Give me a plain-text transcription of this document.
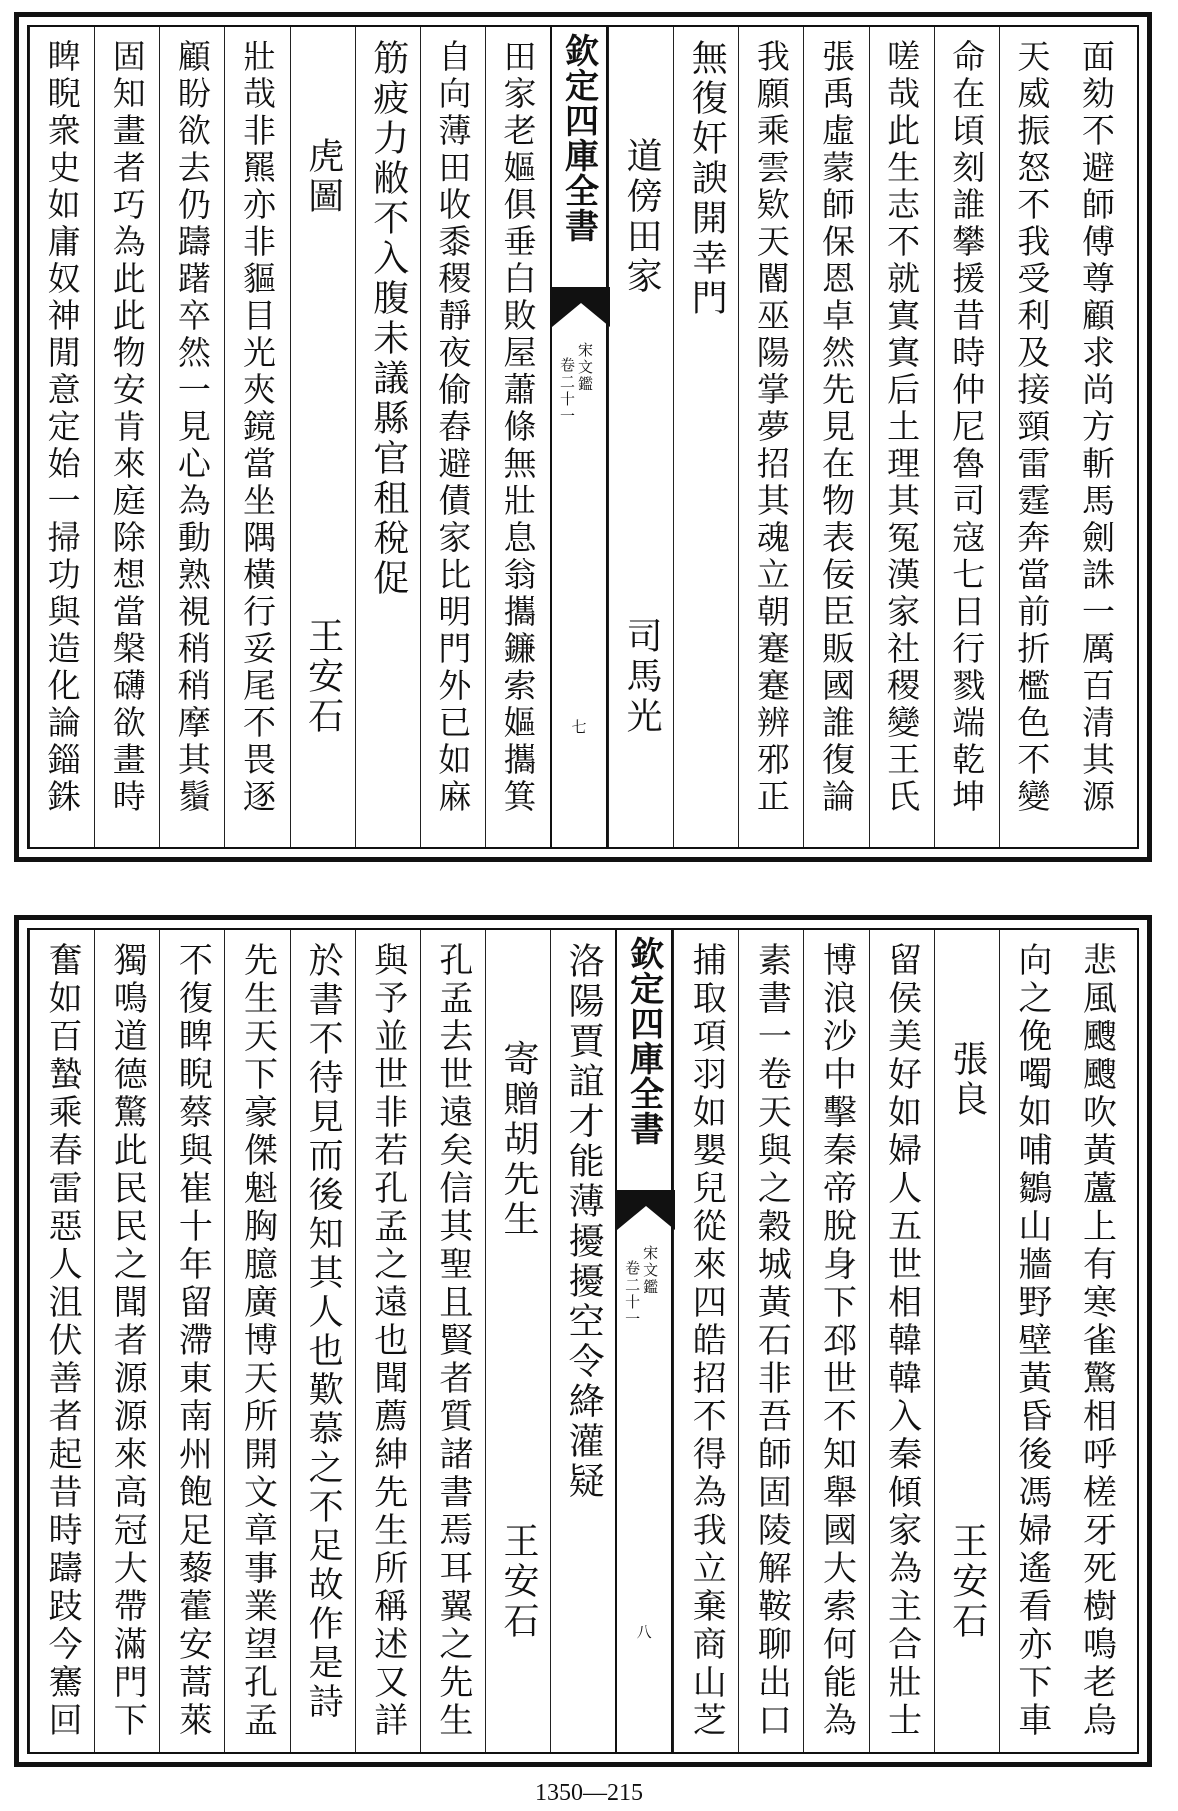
面劾不避師傅尊顧求尚方斬馬劍誅一厲百清其源
天威振怒不我受利及接頸雷霆奔當前折檻色不變
命在頃刻誰攀援昔時仲尼魯司寇七日行戮端乾坤
嗟哉此生志不就寘寘后土理其冤漢家社稷變王氏
張禹虛蒙師保恩卓然先見在物表佞臣販國誰復論
我願乘雲欵天閽巫陽掌夢招其魂立朝蹇蹇辨邪正
無復奸諛開幸門
道傍田家
司馬光
欽定四庫全書
宋文鑑
卷二十一
七
田家老嫗俱垂白敗屋蕭條無壯息翁攜鐮索嫗攜箕
自向薄田收黍稷靜夜偷舂避債家比明門外已如麻
筋疲力敝不入腹未議縣官租稅促
虎圖
王安石
壯哉非羆亦非貙目光夾鏡當坐隅橫行妥尾不畏逐
顧盼欲去仍躊躇卒然一見心為動熟視稍稍摩其鬚
固知畫者巧為此此物安肯來庭除想當槃礴欲畫時
睥睨衆史如庸奴神閒意定始一掃功與造化論錙銖
悲風颼颼吹黃蘆上有寒雀驚相呼槎牙死樹鳴老烏
向之俛噣如哺鶵山牆野壁黃昏後馮婦遙看亦下車
張良
王安石
留侯美好如婦人五世相韓韓入秦傾家為主合壯士
博浪沙中擊秦帝脫身下邳世不知舉國大索何能為
素書一卷天與之穀城黃石非吾師固陵解鞍聊出口
捕取項羽如嬰兒從來四皓招不得為我立棄商山芝
欽定四庫全書
宋文鑑
卷二十一
八
洛陽賈誼才能薄擾擾空令絳灌疑
寄贈胡先生
王安石
孔孟去世遠矣信其聖且賢者質諸書焉耳翼之先生
與予並世非若孔孟之遠也聞薦紳先生所稱述又詳
於書不待見而後知其人也歎慕之不足故作是詩
先生天下豪傑魁胸臆廣博天所開文章事業望孔孟
不復睥睨蔡與崔十年留滯東南州飽足藜藿安蒿萊
獨鳴道德驚此民民之聞者源源來高冠大帶滿門下
奮如百蟄乘春雷惡人沮伏善者起昔時躊跂今騫回
1350—215
